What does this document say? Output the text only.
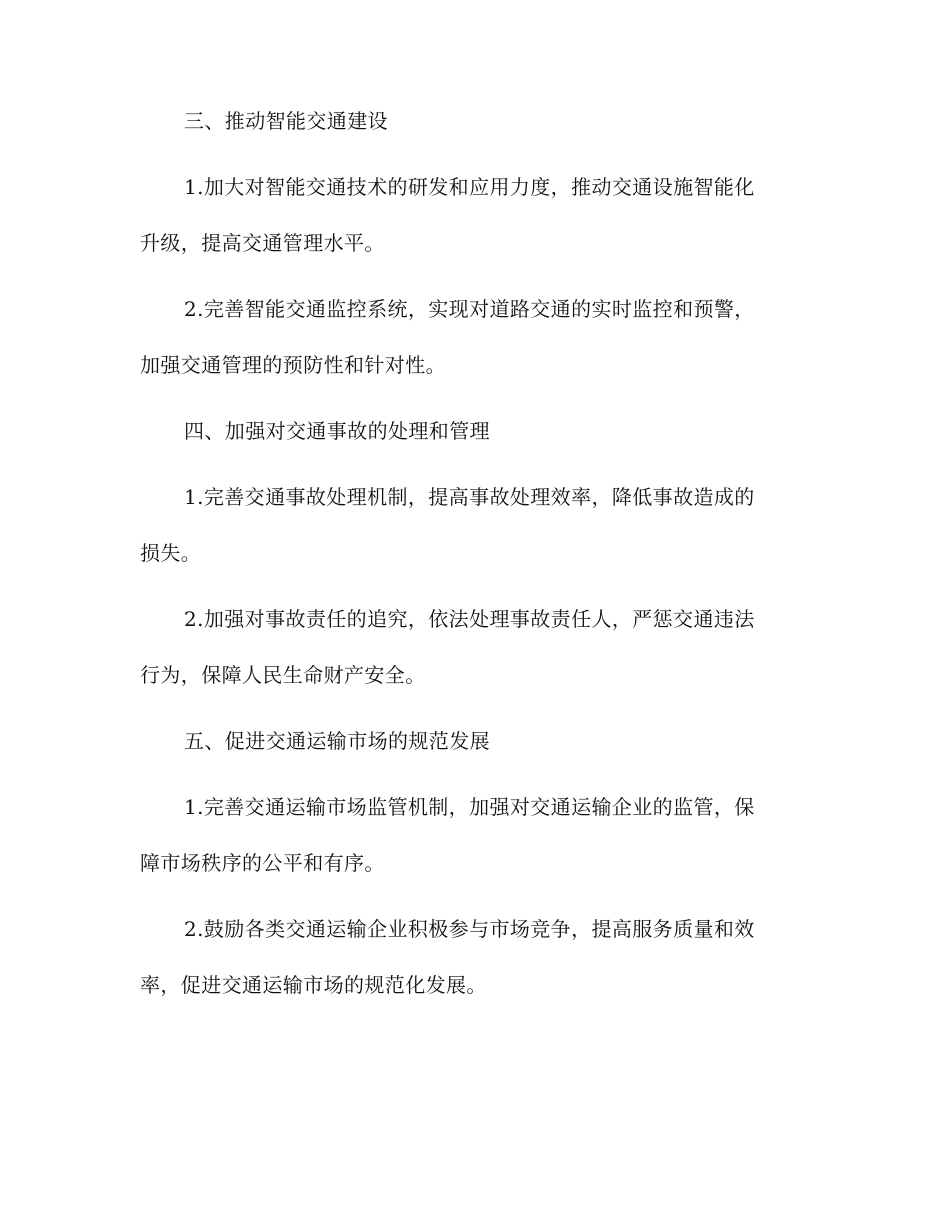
三、推动智能交通建设

1.加大对智能交通技术的研发和应用力度，推动交通设施智能化
升级，提高交通管理水平。

2.完善智能交通监控系统，实现对道路交通的实时监控和预警，
加强交通管理的预防性和针对性。

四、加强对交通事故的处理和管理

1.完善交通事故处理机制，提高事故处理效率，降低事故造成的
损失。

2.加强对事故责任的追究，依法处理事故责任人，严惩交通违法
行为，保障人民生命财产安全。

五、促进交通运输市场的规范发展

1.完善交通运输市场监管机制，加强对交通运输企业的监管，保
障市场秩序的公平和有序。

2.鼓励各类交通运输企业积极参与市场竞争，提高服务质量和效
率，促进交通运输市场的规范化发展。
